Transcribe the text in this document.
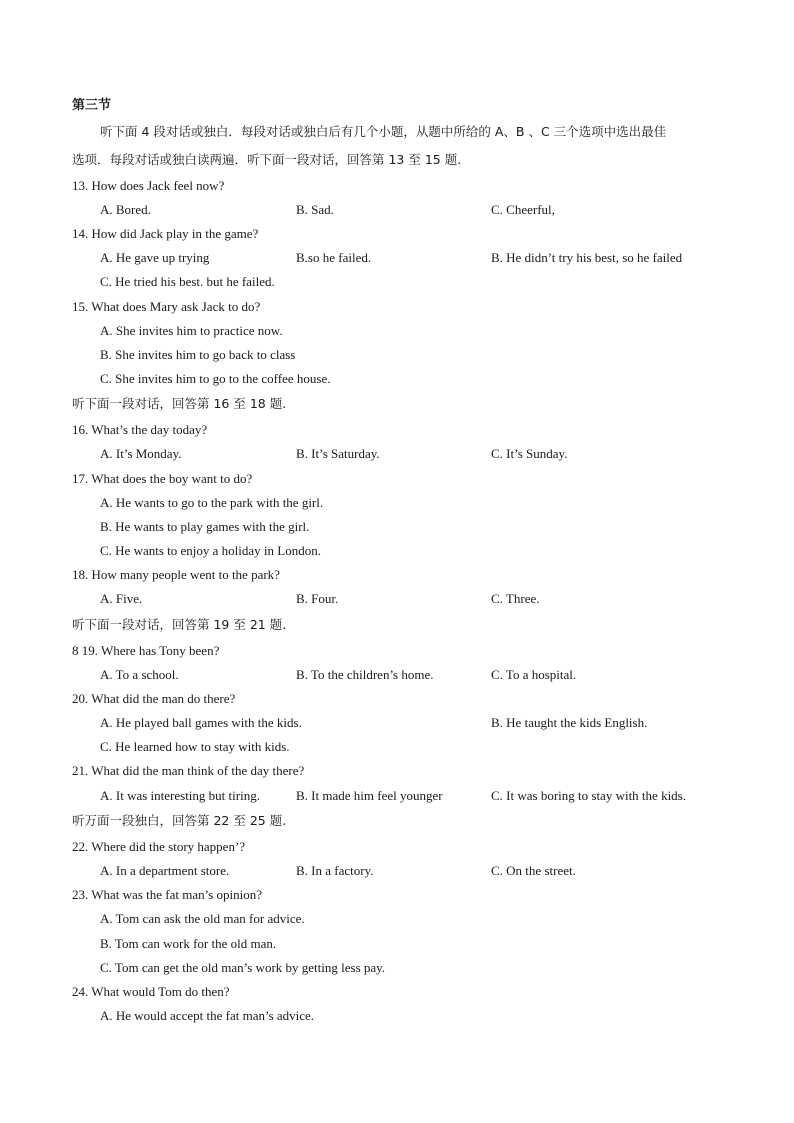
第三节
听下面 4 段对话或独白．每段对话或独白后有几个小题，从题中所给的 A、B 、C 三个选项中选出最佳
选项．每段对话或独白读两遍．听下面一段对话，回答第 13 至 15 题.
13. How does Jack feel now?
A. Bored.	B. Sad.	C. Cheerful,
14. How did Jack play in the game?
A. He gave up trying	B.so he failed.	B. He didn’t try his best, so he failed
C. He tried his best. but he failed.
15. What does Mary ask Jack to do?
A. She invites him to practice now.
B. She invites him to go back to class
C. She invites him to go to the coffee house.
听下面一段对话，回答第 16 至 18 题.
16. What’s the day today?
A. It’s Monday.	B. It’s Saturday.	C. It’s Sunday.
17. What does the boy want to do?
A. He wants to go to the park with the girl.
B. He wants to play games with the girl.
C. He wants to enjoy a holiday in London.
18. How many people went to the park?
A. Five.	B. Four.	C. Three.
听下面一段对话，回答第 19 至 21 题.
8 19. Where has Tony been?
A. To a school.	B. To the children’s home.	C. To a hospital.
20. What did the man do there?
A. He played ball games with the kids.	B. He taught the kids English.
C. He learned how to stay with kids.
21. What did the man think of the day there?
A. It was interesting but tiring.	B. It made him feel younger	C. It was boring to stay with the kids.
听万面一段独白，回答第 22 至 25 题.
22. Where did the story happen’?
A. In a department store.	B. In a factory.	C. On the street.
23. What was the fat man’s opinion?
A. Tom can ask the old man for advice.
B. Tom can work for the old man.
C. Tom can get the old man’s work by getting less pay.
24. What would Tom do then?
A. He would accept the fat man’s advice.
